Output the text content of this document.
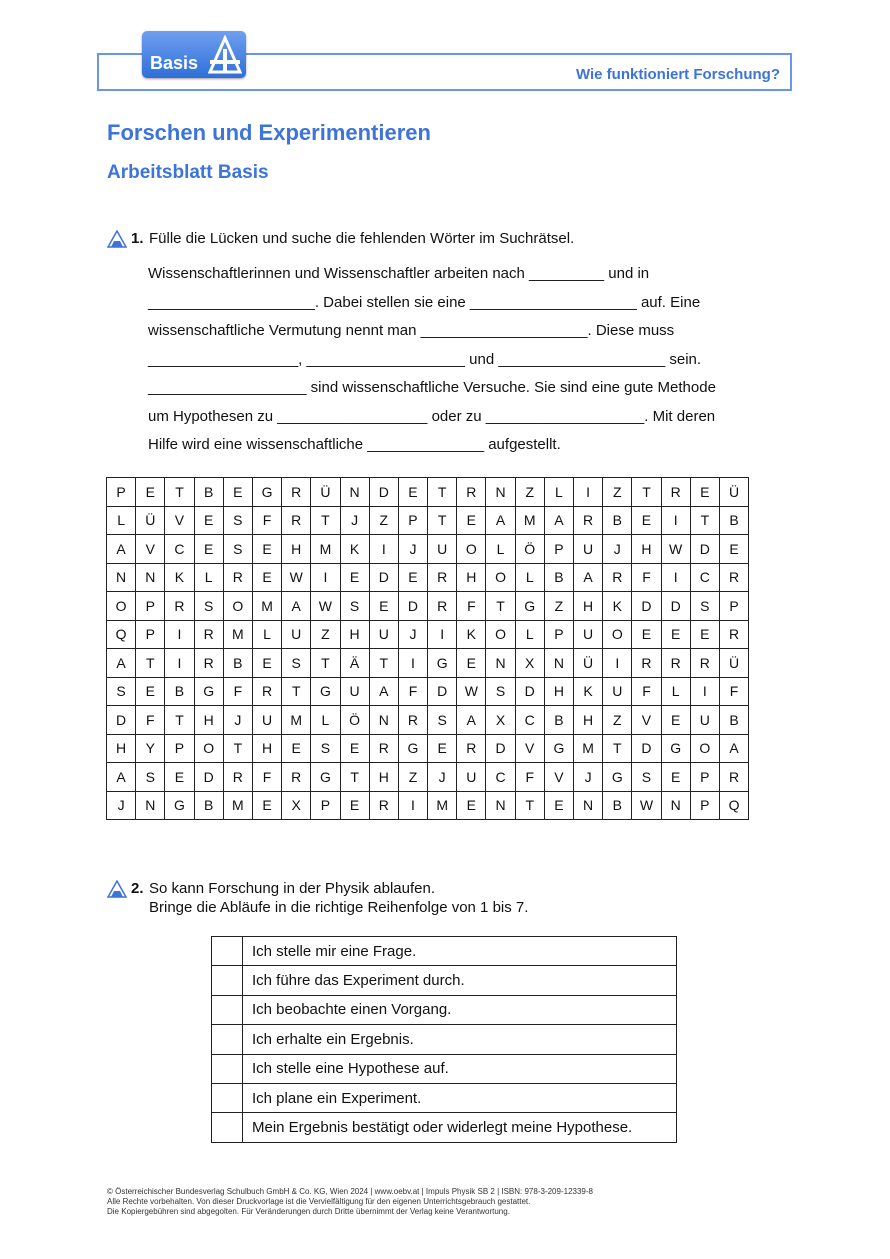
Wie funktioniert Forschung?
Basis
Forschen und Experimentieren
Arbeitsblatt Basis
1. Fülle die Lücken und suche die fehlenden Wörter im Suchrätsel.
Wissenschaftlerinnen und Wissenschaftler arbeiten nach _________ und in
____________________. Dabei stellen sie eine ____________________ auf. Eine
wissenschaftliche Vermutung nennt man ____________________. Diese muss
__________________, ___________________ und ____________________ sein.
___________________ sind wissenschaftliche Versuche. Sie sind eine gute Methode
um Hypothesen zu __________________ oder zu ___________________. Mit deren
Hilfe wird eine wissenschaftliche ______________ aufgestellt.
P	E	T	B	E	G	R	Ü	N	D	E	T	R	N	Z	L	I	Z	T	R	E	Ü
L	Ü	V	E	S	F	R	T	J	Z	P	T	E	A	M	A	R	B	E	I	T	B
A	V	C	E	S	E	H	M	K	I	J	U	O	L	Ö	P	U	J	H	W	D	E
N	N	K	L	R	E	W	I	E	D	E	R	H	O	L	B	A	R	F	I	C	R
O	P	R	S	O	M	A	W	S	E	D	R	F	T	G	Z	H	K	D	D	S	P
Q	P	I	R	M	L	U	Z	H	U	J	I	K	O	L	P	U	O	E	E	E	R
A	T	I	R	B	E	S	T	Ä	T	I	G	E	N	X	N	Ü	I	R	R	R	Ü
S	E	B	G	F	R	T	G	U	A	F	D	W	S	D	H	K	U	F	L	I	F
D	F	T	H	J	U	M	L	Ö	N	R	S	A	X	C	B	H	Z	V	E	U	B
H	Y	P	O	T	H	E	S	E	R	G	E	R	D	V	G	M	T	D	G	O	A
A	S	E	D	R	F	R	G	T	H	Z	J	U	C	F	V	J	G	S	E	P	R
J	N	G	B	M	E	X	P	E	R	I	M	E	N	T	E	N	B	W	N	P	Q
2. So kann Forschung in der Physik ablaufen.
Bringe die Abläufe in die richtige Reihenfolge von 1 bis 7.
	Ich stelle mir eine Frage.
	Ich führe das Experiment durch.
	Ich beobachte einen Vorgang.
	Ich erhalte ein Ergebnis.
	Ich stelle eine Hypothese auf.
	Ich plane ein Experiment.
	Mein Ergebnis bestätigt oder widerlegt meine Hypothese.
© Österreichischer Bundesverlag Schulbuch GmbH & Co. KG, Wien 2024 | www.oebv.at | Impuls Physik SB 2 | ISBN: 978-3-209-12339-8
Alle Rechte vorbehalten. Von dieser Druckvorlage ist die Vervielfältigung für den eigenen Unterrichtsgebrauch gestattet.
Die Kopiergebühren sind abgegolten. Für Veränderungen durch Dritte übernimmt der Verlag keine Verantwortung.
